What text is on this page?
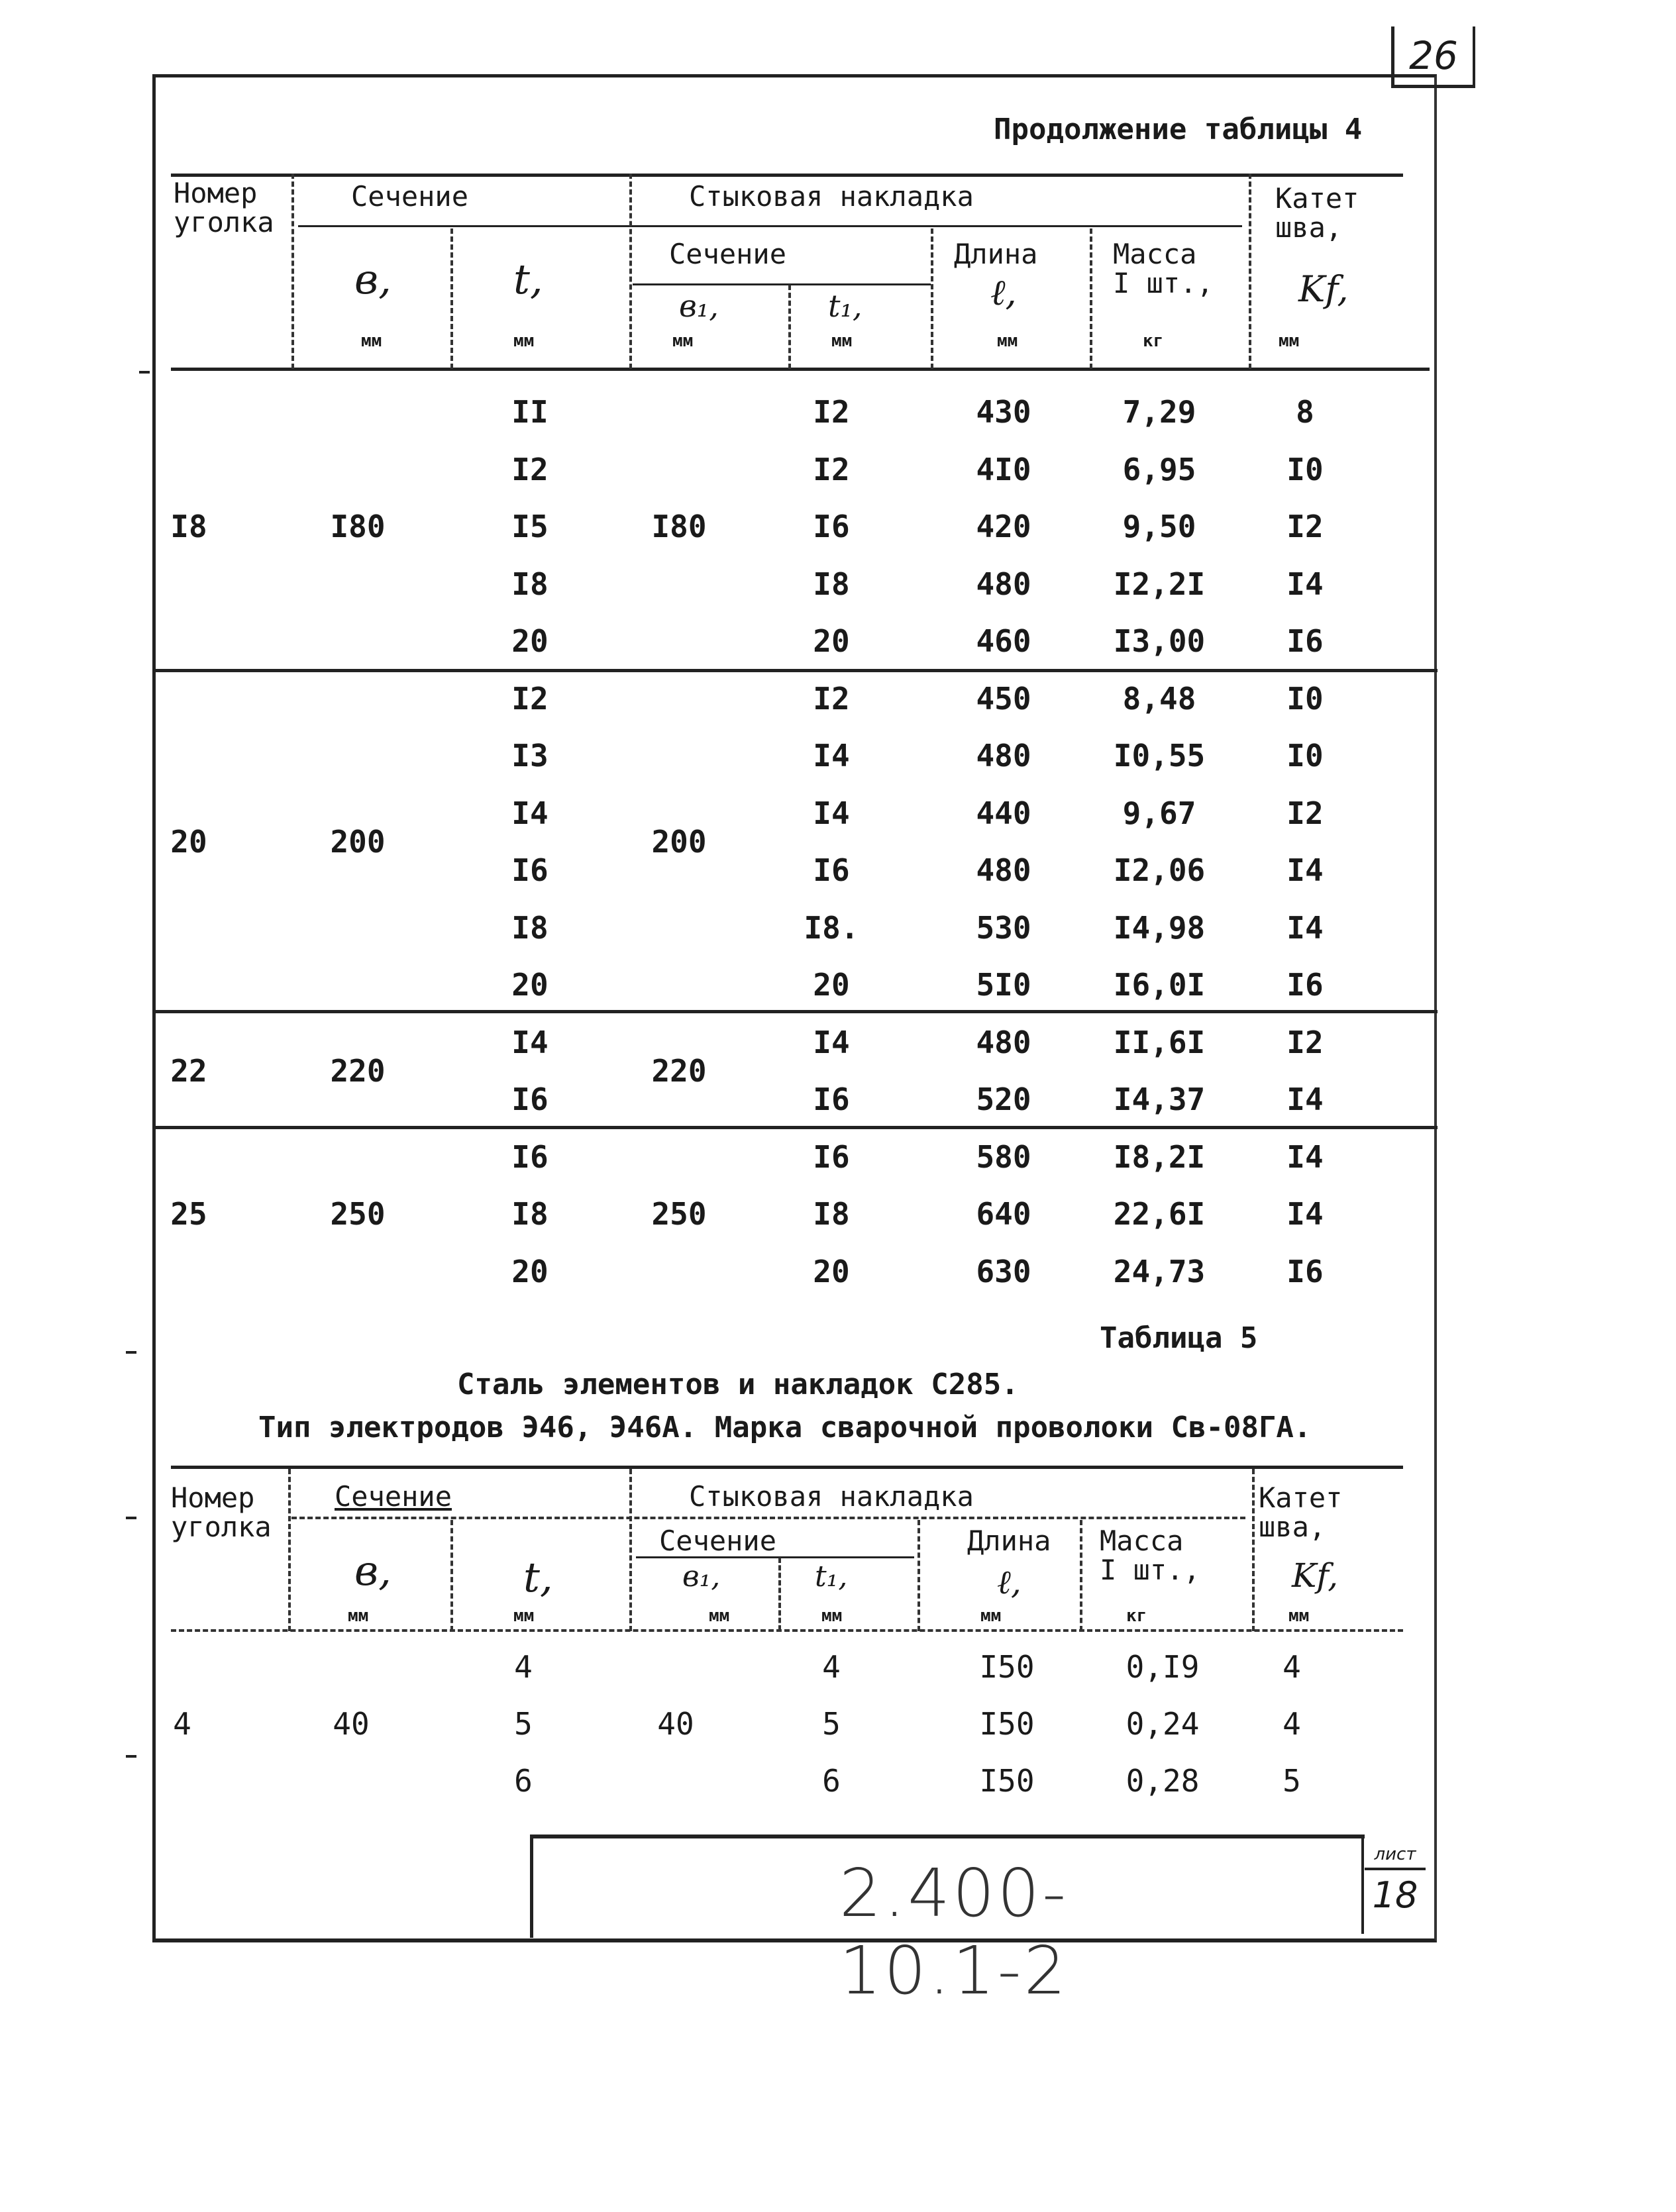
26
Продолжение таблицы 4
Номер
уголка
Сечение	Стыковая накладка	Катет
шва,
Сечение	Длина	Масса
I шт.,
в,	t,
в₁,	t₁,	ℓ,	Kf,
мм	мм	мм	мм	мм	кг	мм
I8	I80	I80
II	I2	430	7,29	8
I2	I2	4I0	6,95	I0
I5	I6	420	9,50	I2
I8	I8	480	I2,2I	I4
20	20	460	I3,00	I6
20	200	200
I2	I2	450	8,48	I0
I3	I4	480	I0,55	I0
I4	I4	440	9,67	I2
I6	I6	480	I2,06	I4
I8	I8.	530	I4,98	I4
20	20	5I0	I6,0I	I6
22	220	220
I4	I4	480	II,6I	I2
I6	I6	520	I4,37	I4
25	250	250
I6	I6	580	I8,2I	I4
I8	I8	640	22,6I	I4
20	20	630	24,73	I6
Таблица 5
Сталь элементов и накладок С285.
Тип электродов Э46, Э46А. Марка сварочной проволоки Св-08ГА.
Номер
уголка
Сечение	Стыковая накладка	Катет
шва,
Сечение	Длина Масса
I шт.,
в,	t,	в₁,	t₁,	ℓ,	Kf,
мм	мм	мм	мм	мм	кг	мм
4	40	40
4	4	I50	0,I9	4
5	5	I50	0,24	4
6	6	I50	0,28	5
2.400-10.1-2
лист
18
